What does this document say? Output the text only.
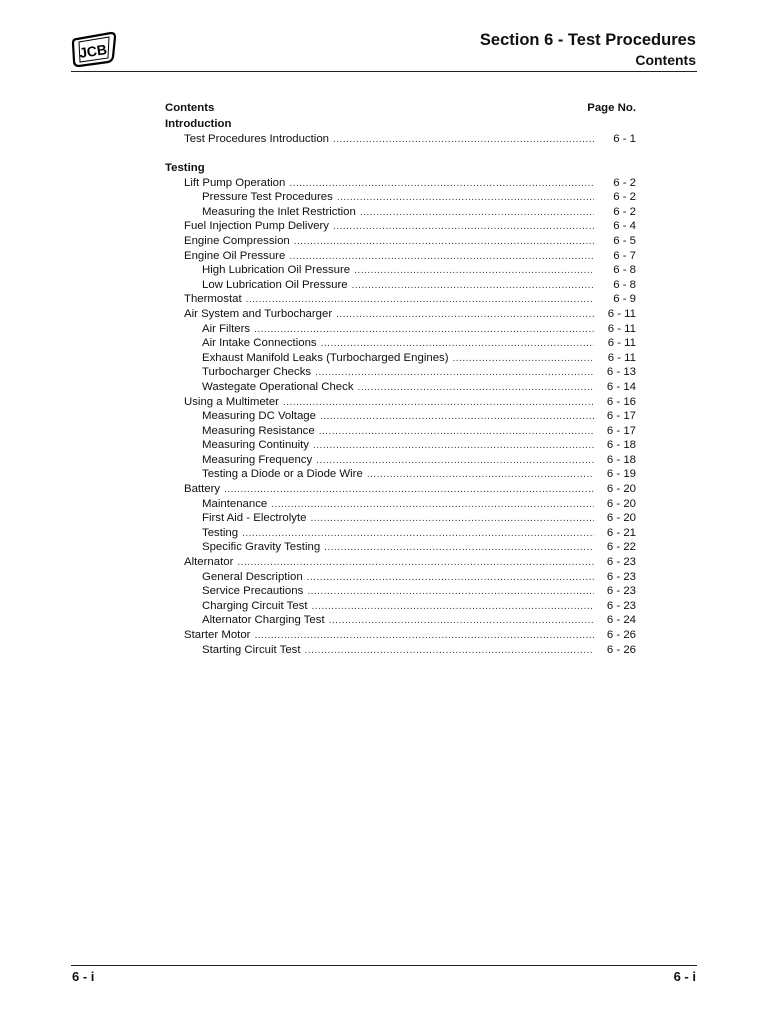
JCB
Section 6 - Test Procedures
Contents
Contents	Page No.
Introduction
Test Procedures Introduction .....	6 - 1
Testing
Lift Pump Operation .....	6 - 2
Pressure Test Procedures .....	6 - 2
Measuring the Inlet Restriction .....	6 - 2
Fuel Injection Pump Delivery .....	6 - 4
Engine Compression .....	6 - 5
Engine Oil Pressure .....	6 - 7
High Lubrication Oil Pressure .....	6 - 8
Low Lubrication Oil Pressure .....	6 - 8
Thermostat .....	6 - 9
Air System and Turbocharger .....	6 - 11
Air Filters .....	6 - 11
Air Intake Connections .....	6 - 11
Exhaust Manifold Leaks (Turbocharged Engines) .....	6 - 11
Turbocharger Checks .....	6 - 13
Wastegate Operational Check .....	6 - 14
Using a Multimeter .....	6 - 16
Measuring DC Voltage .....	6 - 17
Measuring Resistance .....	6 - 17
Measuring Continuity .....	6 - 18
Measuring Frequency .....	6 - 18
Testing a Diode or a Diode Wire .....	6 - 19
Battery .....	6 - 20
Maintenance .....	6 - 20
First Aid - Electrolyte .....	6 - 20
Testing .....	6 - 21
Specific Gravity Testing .....	6 - 22
Alternator .....	6 - 23
General Description .....	6 - 23
Service Precautions .....	6 - 23
Charging Circuit Test .....	6 - 23
Alternator Charging Test .....	6 - 24
Starter Motor .....	6 - 26
Starting Circuit Test .....	6 - 26
6 - i	6 - i
